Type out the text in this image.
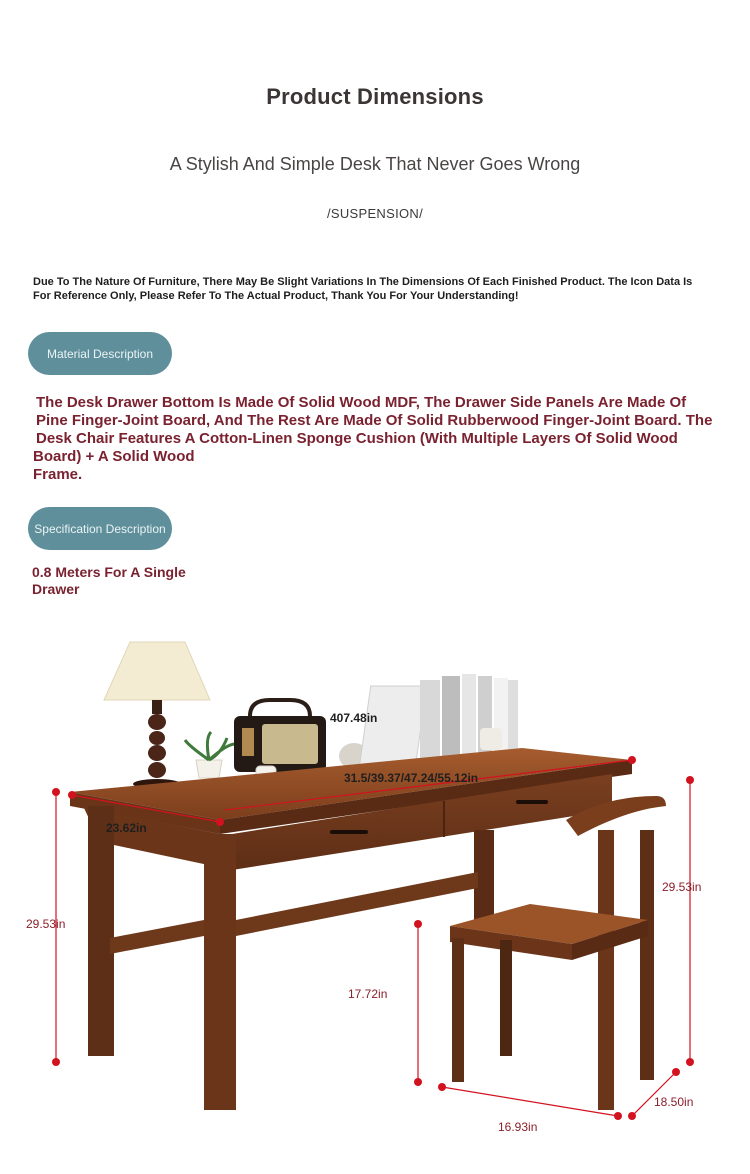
Product Dimensions
A Stylish And Simple Desk That Never Goes Wrong
/SUSPENSION/
Due To The Nature Of Furniture, There May Be Slight Variations In The Dimensions Of Each Finished Product. The Icon Data Is
For Reference Only, Please Refer To The Actual Product, Thank You For Your Understanding!
Material Description
The Desk Drawer Bottom Is Made Of Solid Wood MDF, The Drawer Side Panels Are Made Of
Pine Finger-Joint Board, And The Rest Are Made Of Solid Rubberwood Finger-Joint Board. The
Desk Chair Features A Cotton-Linen Sponge Cushion (With Multiple Layers Of Solid Wood
Board) + A Solid Wood
Frame.
Specification Description
0.8 Meters For A Single
Drawer
29.53in
23.62in
31.5/39.37/47.24/55.12in
407.48in
29.53in
17.72in
16.93in
18.50in
